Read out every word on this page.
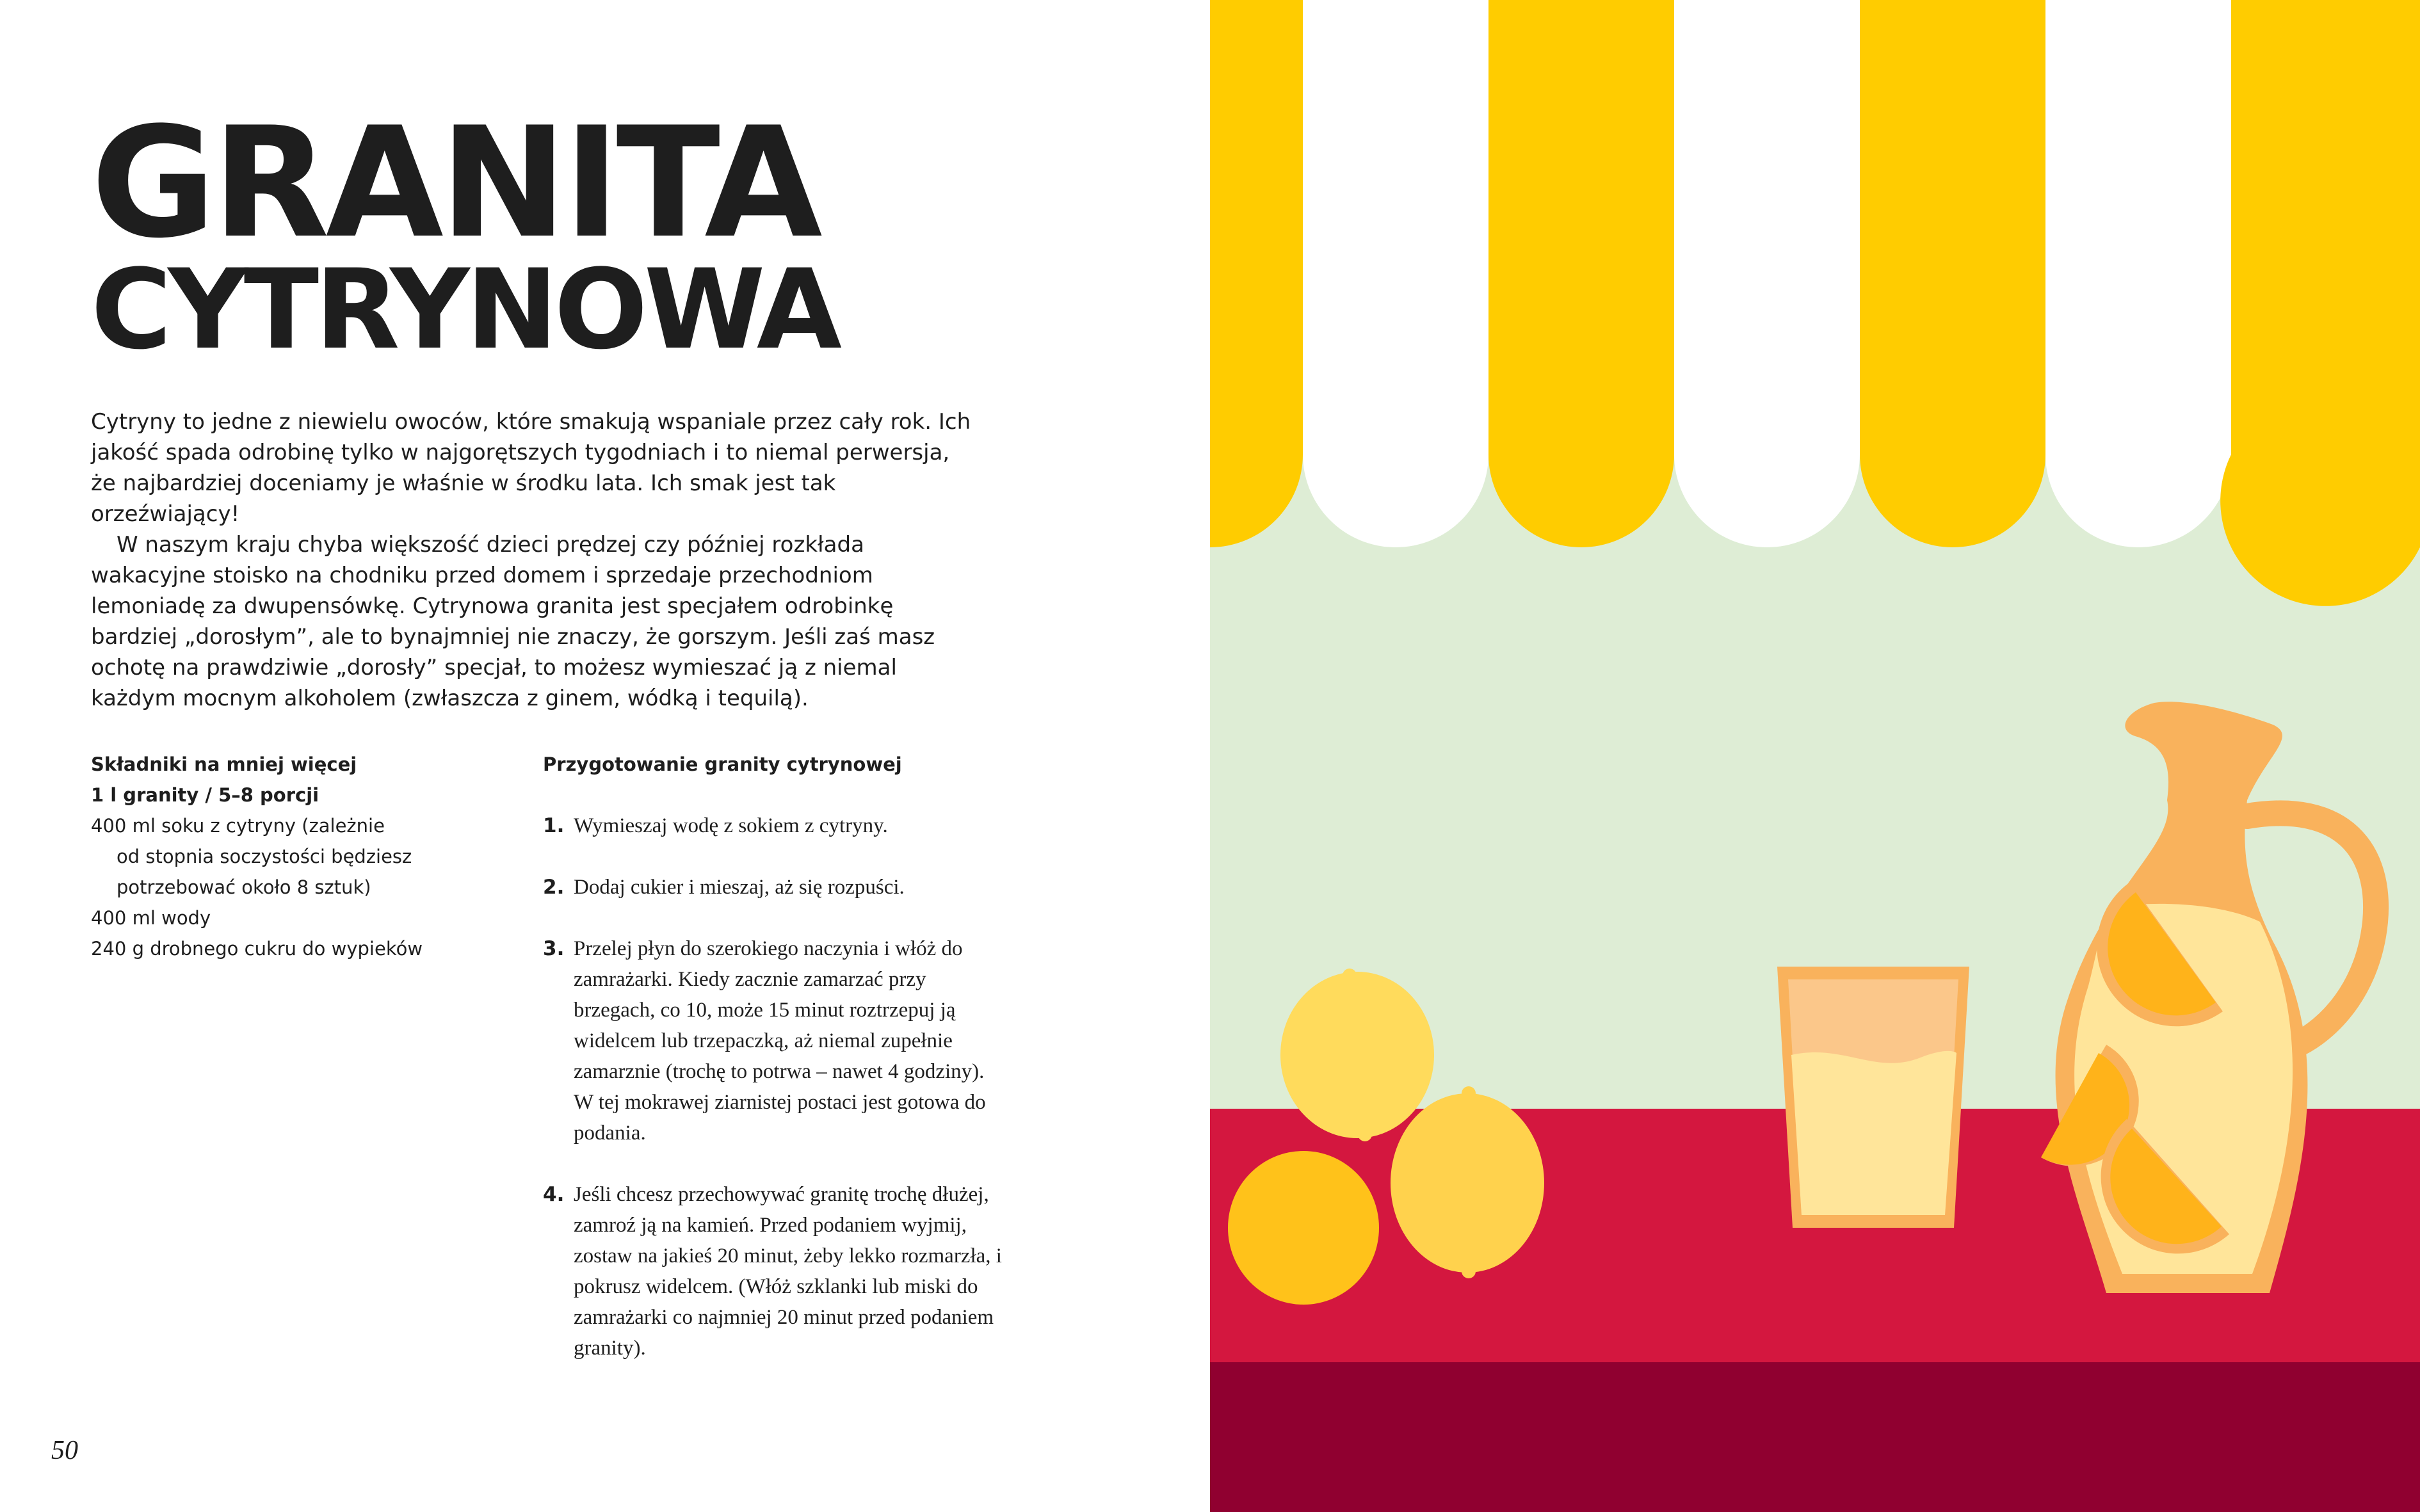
GRANITA
CYTRYNOWA

Cytryny to jedne z niewielu owoców, które smakują wspaniale przez cały rok. Ich jakość spada odrobinę tylko w najgorętszych tygodniach i to niemal perwersja, że najbardziej doceniamy je właśnie w środku lata. Ich smak jest tak orzeźwiający!

W naszym kraju chyba większość dzieci prędzej czy później rozkłada wakacyjne stoisko na chodniku przed domem i sprzedaje przechodniom lemoniadę za dwupensówkę. Cytrynowa granita jest specjałem odrobinkę bardziej „dorosłym”, ale to bynajmniej nie znaczy, że gorszym. Jeśli zaś masz ochotę na prawdziwie „dorosły” specjał, to możesz wymieszać ją z niemal każdym mocnym alkoholem (zwłaszcza z ginem, wódką i tequilą).

Składniki na mniej więcej
1 l granity / 5–8 porcji
400 ml soku z cytryny (zależnie
od stopnia soczystości będziesz
potrzebować około 8 sztuk)
400 ml wody
240 g drobnego cukru do wypieków
Przygotowanie granity cytrynowej
1. Wymieszaj wodę z sokiem z cytryny.
2. Dodaj cukier i mieszaj, aż się rozpuści.
3. Przelej płyn do szerokiego naczynia i włóż do zamrażarki. Kiedy zacznie zamarzać przy brzegach, co 10, może 15 minut roztrzepuj ją widelcem lub trzepaczką, aż niemal zupełnie zamarznie (trochę to potrwa – nawet 4 godziny). W tej mokrawej ziarnistej postaci jest gotowa do podania.
4. Jeśli chcesz przechowywać granitę trochę dłużej, zamroź ją na kamień. Przed podaniem wyjmij, zostaw na jakieś 20 minut, żeby lekko rozmarzła, i pokrusz widelcem. (Włóż szklanki lub miski do zamrażarki co najmniej 20 minut przed podaniem granity).
50
